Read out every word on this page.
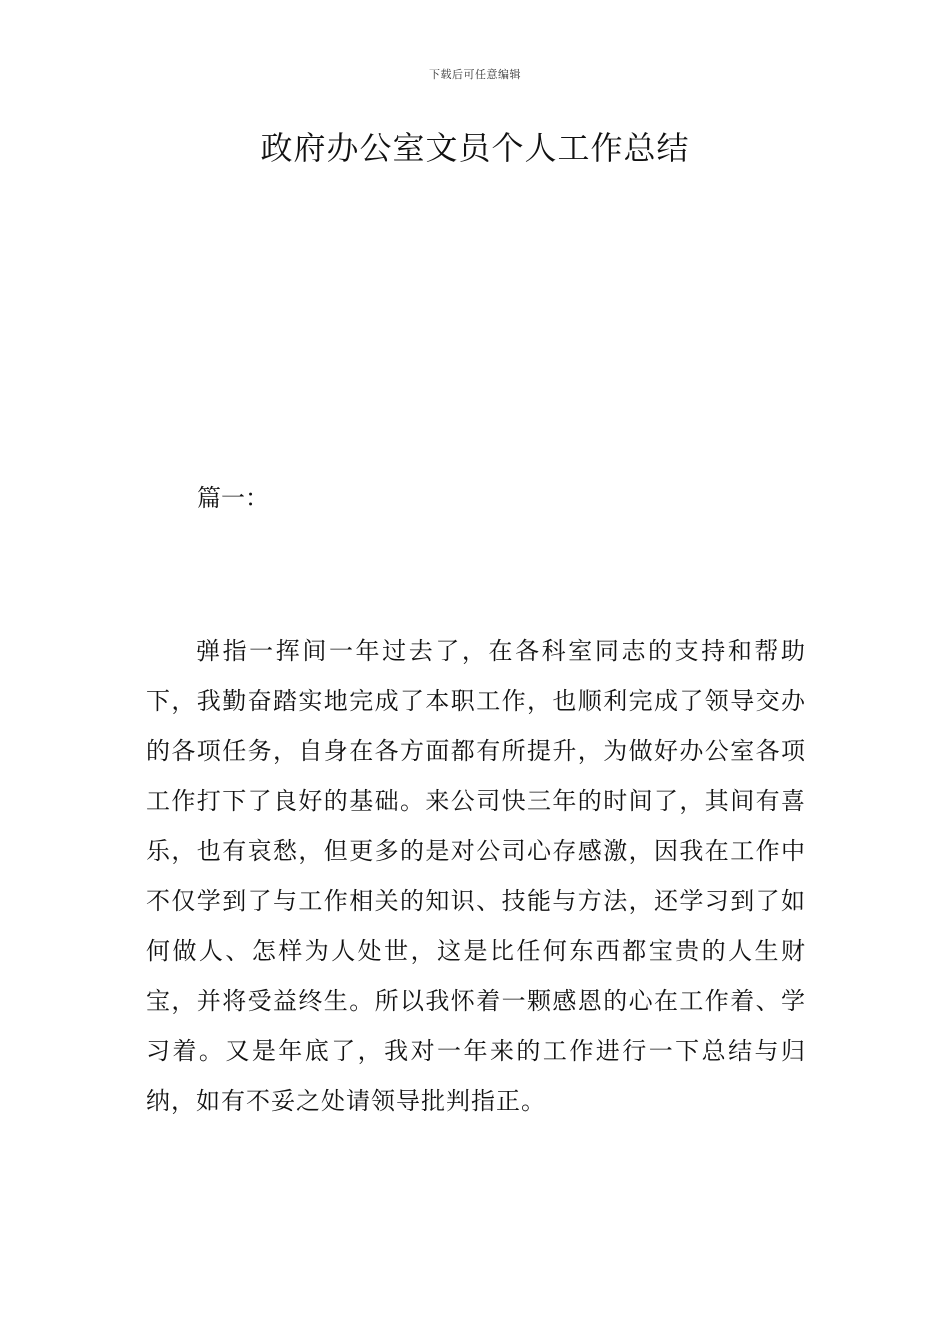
下载后可任意编辑
政府办公室文员个人工作总结
篇一：

弹指一挥间一年过去了，在各科室同志的支持和帮助下，我勤奋踏实地完成了本职工作，也顺利完成了领导交办的各项任务，自身在各方面都有所提升，为做好办公室各项工作打下了良好的基础。来公司快三年的时间了，其间有喜乐，也有哀愁，但更多的是对公司心存感激，因我在工作中不仅学到了与工作相关的知识、技能与方法，还学习到了如何做人、怎样为人处世，这是比任何东西都宝贵的人生财宝，并将受益终生。所以我怀着一颗感恩的心在工作着、学习着。又是年底了，我对一年来的工作进行一下总结与归纳，如有不妥之处请领导批判指正。
